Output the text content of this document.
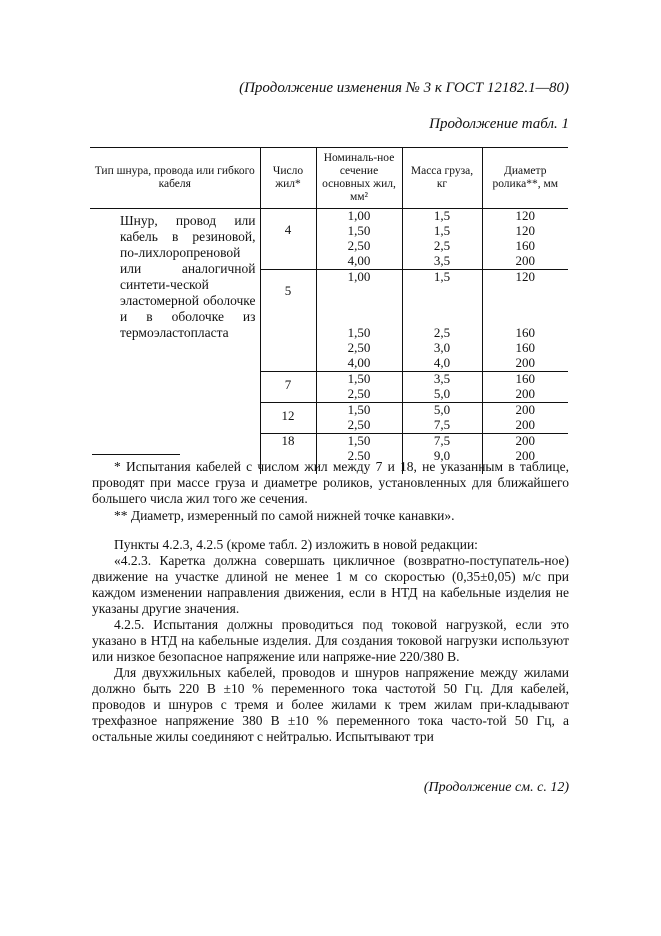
(Продолжение изменения № 3 к ГОСТ 12182.1—80)
Продолжение табл. 1
Тип шнура, провода или гибкого кабеля	Число жил*	Номиналь-ное сечение основных жил, мм²	Масса груза, кг	Диаметр ролика**, мм
Шнур, провод или кабель в резиновой, по-лихлоропреновой или аналогичной синтети-ческой эластомерной оболочке и в оболочке из термоэластопласта	4	1,00	1,5	120
		1,50	1,5	120
		2,50	2,5	160
		4,00	3,5	200
	5	1,00	1,5	120
		1,50	2,5	160
		2,50	3,0	160
		4,00	4,0	200
	7	1,50	3,5	160
		2,50	5,0	200
	12	1,50	5,0	200
		2,50	7,5	200
	18	1,50	7,5	200
		2.50	9,0	200
* Испытания кабелей с числом жил между 7 и 18, не указанным в таблице, проводят при массе груза и диаметре роликов, установленных для ближайшего большего числа жил того же сечения.
** Диаметр, измеренный по самой нижней точке канавки».

Пункты 4.2.3, 4.2.5 (кроме табл. 2) изложить в новой редакции:

«4.2.3. Каретка должна совершать цикличное (возвратно-поступатель-ное) движение на участке длиной не менее 1 м со скоростью (0,35±0,05) м/с при каждом изменении направления движения, если в НТД на кабельные изделия не указаны другие значения.

4.2.5. Испытания должны проводиться под токовой нагрузкой, если это указано в НТД на кабельные изделия. Для создания токовой нагрузки используют или низкое безопасное напряжение или напряже-ние 220/380 В.

Для двухжильных кабелей, проводов и шнуров напряжение между жилами должно быть 220 В ±10 % переменного тока частотой 50 Гц. Для кабелей, проводов и шнуров с тремя и более жилами к трем жилам при-кладывают трехфазное напряжение 380 В ±10 % переменного тока часто-той 50 Гц, а остальные жилы соединяют с нейтралью. Испытывают три

(Продолжение см. с. 12)
